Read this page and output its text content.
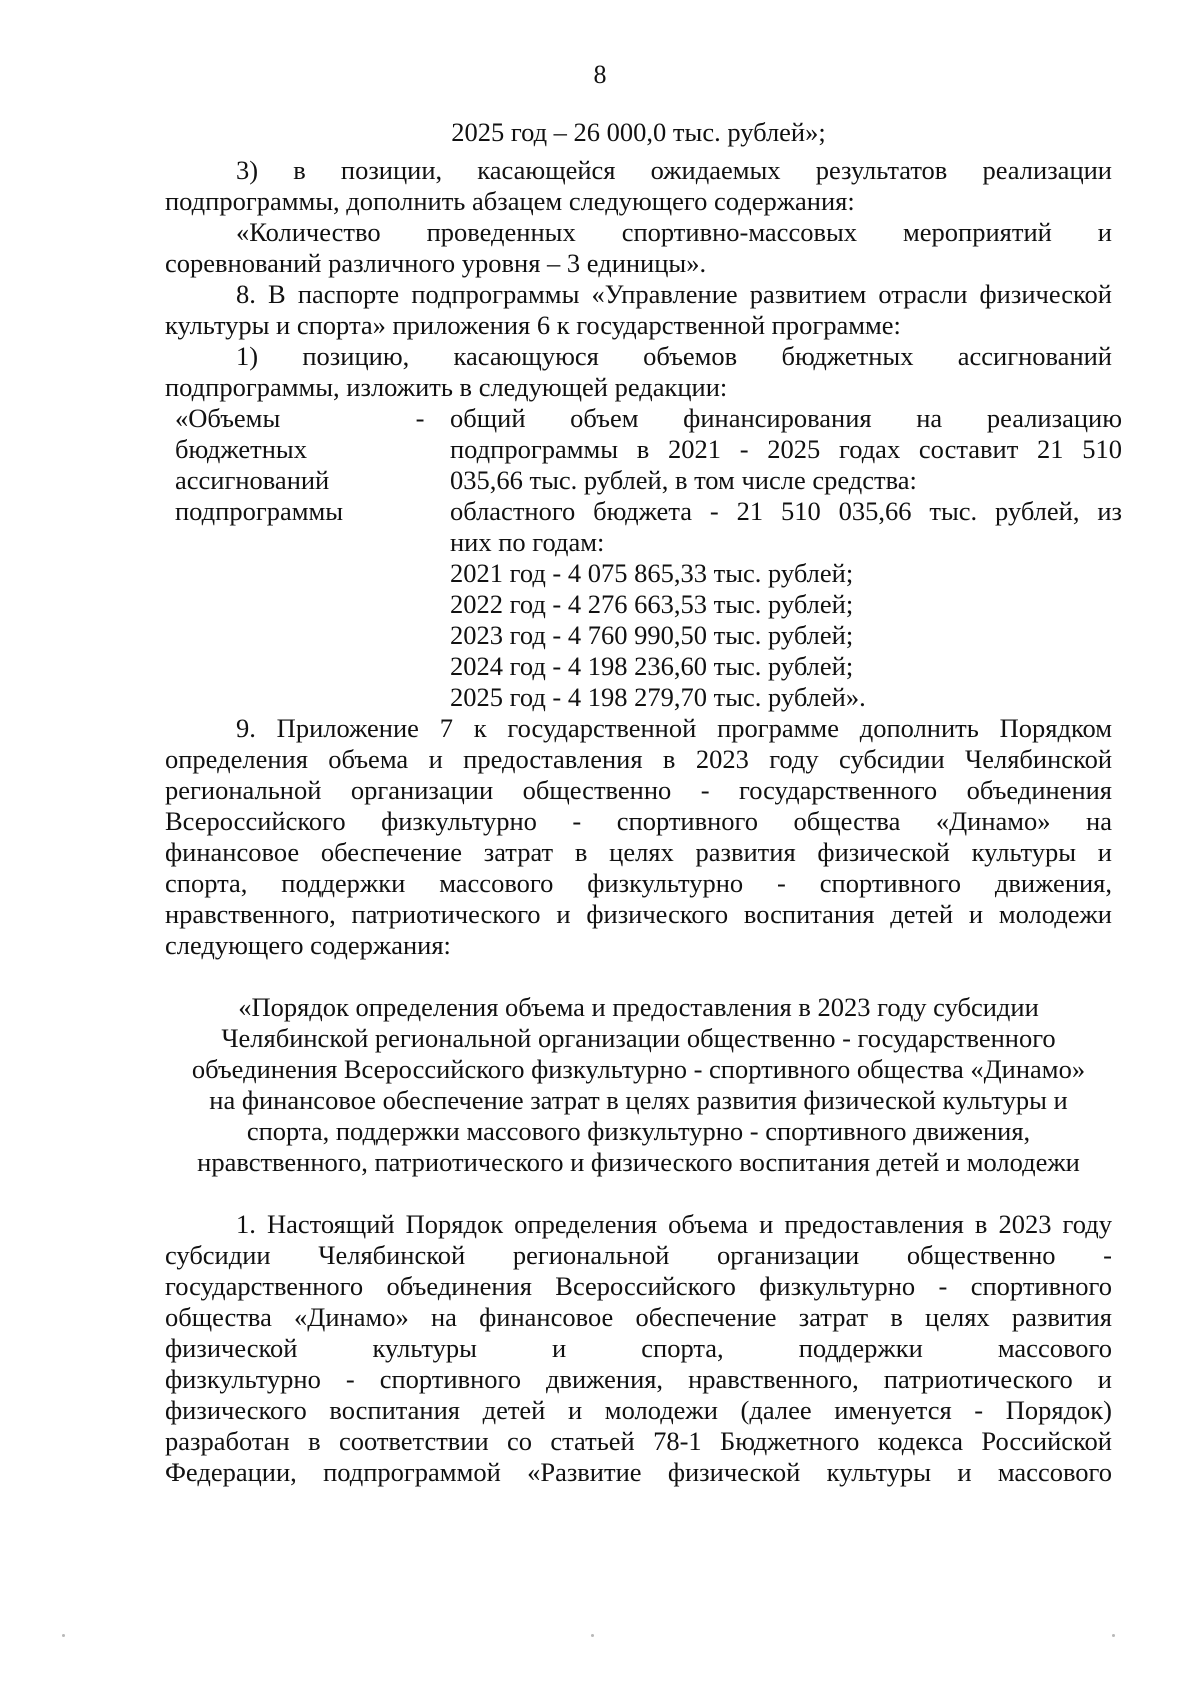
8

2025 год – 26 000,0 тыс. рублей»;

3)  в  позиции,  касающейся  ожидаемых  результатов  реализации

подпрограммы, дополнить абзацем следующего содержания:

«Количество  проведенных  спортивно-массовых  мероприятий  и

соревнований различного уровня – 3 единицы».

8. В паспорте подпрограммы «Управление развитием отрасли физической

культуры и спорта» приложения 6 к государственной программе:

1)  позицию,  касающуюся  объемов  бюджетных  ассигнований

подпрограммы, изложить в следующей редакции:

«Объемы
бюджетных
ассигнований
подпрограммы
- общий  объем  финансирования  на  реализацию

подпрограммы в 2021 - 2025 годах составит 21 510

035,66 тыс. рублей, в том числе средства:

областного бюджета - 21 510 035,66 тыс. рублей, из

них по годам:

2021 год - 4 075 865,33 тыс. рублей;

2022 год - 4 276 663,53 тыс. рублей;

2023 год - 4 760 990,50 тыс. рублей;

2024 год - 4 198 236,60 тыс. рублей;

2025 год - 4 198 279,70 тыс. рублей».

9.  Приложение  7  к  государственной  программе  дополнить  Порядком

определения объема и предоставления в 2023 году субсидии Челябинской

региональной организации общественно - государственного объединения

Всероссийского  физкультурно  -  спортивного  общества  «Динамо»  на

финансовое обеспечение затрат в целях развития физической культуры и

спорта,  поддержки  массового  физкультурно  -  спортивного  движения,

нравственного, патриотического и физического воспитания детей и молодежи

следующего содержания:

«Порядок определения объема и предоставления в 2023 году субсидии

Челябинской региональной организации общественно - государственного

объединения Всероссийского физкультурно - спортивного общества «Динамо»

на финансовое обеспечение затрат в целях развития физической культуры и

спорта, поддержки массового физкультурно - спортивного движения,

нравственного, патриотического и физического воспитания детей и молодежи

1. Настоящий Порядок определения объема и предоставления в 2023 году

субсидии  Челябинской  региональной  организации  общественно  -

государственного объединения Всероссийского физкультурно - спортивного

общества  «Динамо»  на  финансовое  обеспечение  затрат  в  целях  развития

физической  культуры  и  спорта,  поддержки  массового

физкультурно - спортивного движения, нравственного, патриотического и

физического воспитания детей и молодежи (далее именуется - Порядок)

разработан в соответствии со статьей 78-1 Бюджетного кодекса Российской

Федерации,  подпрограммой  «Развитие  физической  культуры  и  массового
